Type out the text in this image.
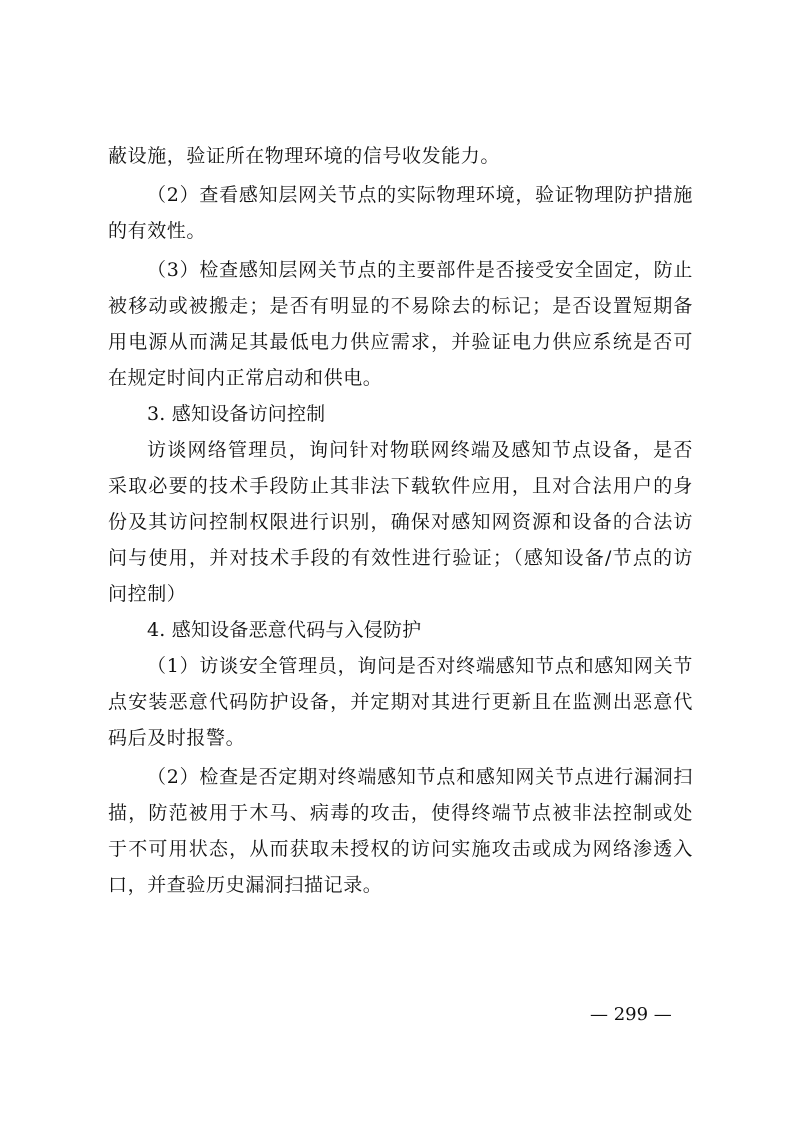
蔽设施，验证所在物理环境的信号收发能力。

（2）查看感知层网关节点的实际物理环境，验证物理防护措施的有效性。

（3）检查感知层网关节点的主要部件是否接受安全固定，防止被移动或被搬走；是否有明显的不易除去的标记；是否设置短期备用电源从而满足其最低电力供应需求，并验证电力供应系统是否可在规定时间内正常启动和供电。

3. 感知设备访问控制

访谈网络管理员，询问针对物联网终端及感知节点设备，是否采取必要的技术手段防止其非法下载软件应用，且对合法用户的身份及其访问控制权限进行识别，确保对感知网资源和设备的合法访问与使用，并对技术手段的有效性进行验证；（感知设备/节点的访问控制）

4. 感知设备恶意代码与入侵防护

（1）访谈安全管理员，询问是否对终端感知节点和感知网关节点安装恶意代码防护设备，并定期对其进行更新且在监测出恶意代码后及时报警。

（2）检查是否定期对终端感知节点和感知网关节点进行漏洞扫描，防范被用于木马、病毒的攻击，使得终端节点被非法控制或处于不可用状态，从而获取未授权的访问实施攻击或成为网络渗透入口，并查验历史漏洞扫描记录。

— 299 —
